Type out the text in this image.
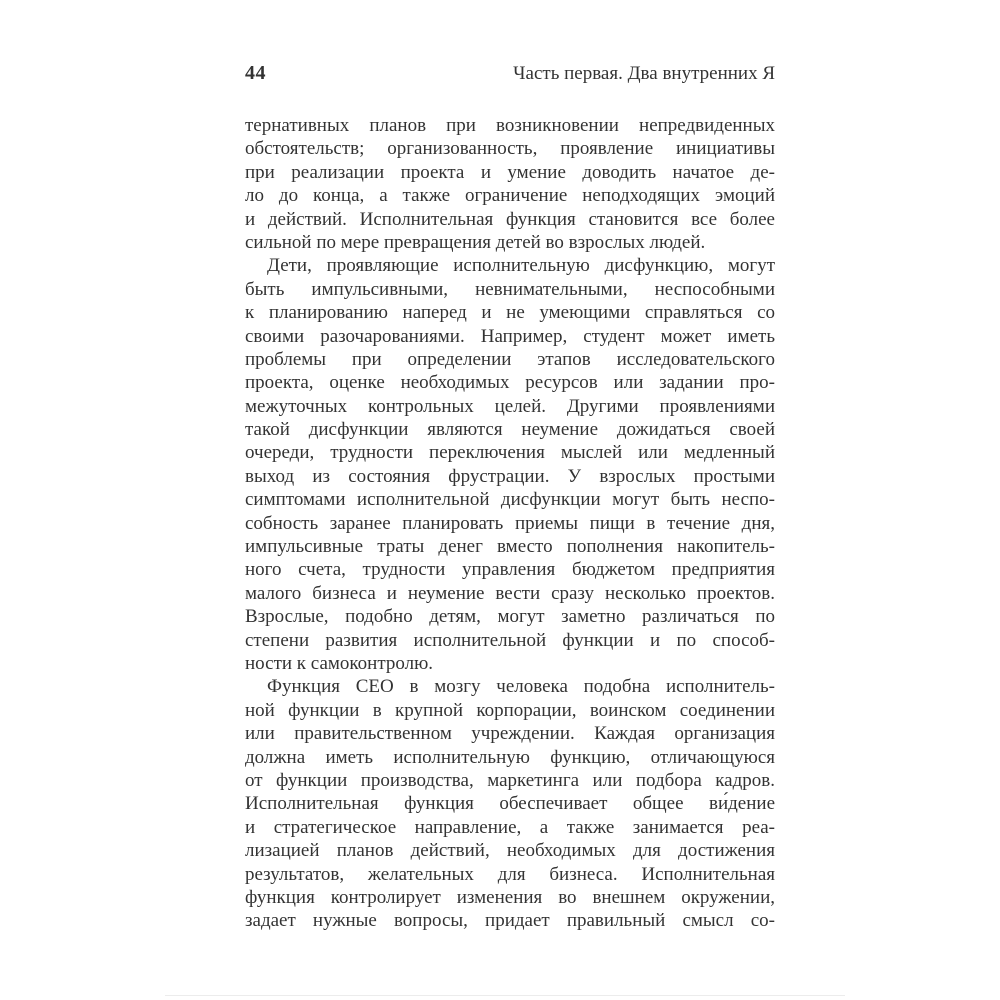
44	Часть первая. Два внутренних Я
тернативных планов при возникновении непредвиденных
обстоятельств; организованность, проявление инициативы
при реализации проекта и умение доводить начатое де-
ло до конца, а также ограничение неподходящих эмоций
и действий. Исполнительная функция становится все более
сильной по мере превращения детей во взрослых людей.
Дети, проявляющие исполнительную дисфункцию, могут
быть импульсивными, невнимательными, неспособными
к планированию наперед и не умеющими справляться со
своими разочарованиями. Например, студент может иметь
проблемы при определении этапов исследовательского
проекта, оценке необходимых ресурсов или задании про-
межуточных контрольных целей. Другими проявлениями
такой дисфункции являются неумение дожидаться своей
очереди, трудности переключения мыслей или медленный
выход из состояния фрустрации. У взрослых простыми
симптомами исполнительной дисфункции могут быть неспо-
собность заранее планировать приемы пищи в течение дня,
импульсивные траты денег вместо пополнения накопитель-
ного счета, трудности управления бюджетом предприятия
малого бизнеса и неумение вести сразу несколько проектов.
Взрослые, подобно детям, могут заметно различаться по
степени развития исполнительной функции и по способ-
ности к самоконтролю.
Функция CEO в мозгу человека подобна исполнитель-
ной функции в крупной корпорации, воинском соединении
или правительственном учреждении. Каждая организация
должна иметь исполнительную функцию, отличающуюся
от функции производства, маркетинга или подбора кадров.
Исполнительная функция обеспечивает общее ви́дение
и стратегическое направление, а также занимается реа-
лизацией планов действий, необходимых для достижения
результатов, желательных для бизнеса. Исполнительная
функция контролирует изменения во внешнем окружении,
задает нужные вопросы, придает правильный смысл со-
